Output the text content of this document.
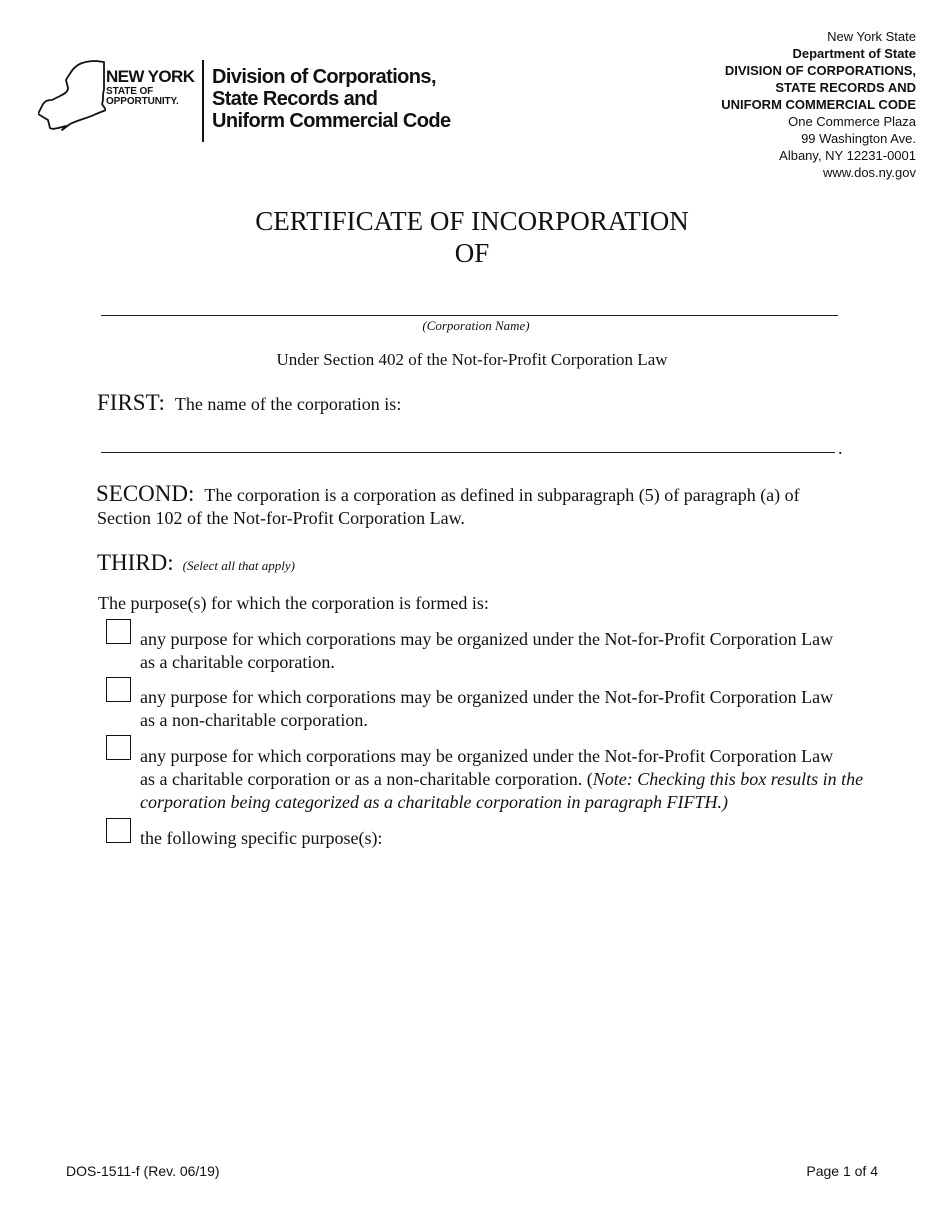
NEW YORK
STATE OF
OPPORTUNITY.
Division of Corporations,
State Records and
Uniform Commercial Code
New York State
Department of State
DIVISION OF CORPORATIONS,
STATE RECORDS AND
UNIFORM COMMERCIAL CODE
One Commerce Plaza
99 Washington Ave.
Albany, NY 12231-0001
www.dos.ny.gov
CERTIFICATE OF INCORPORATION
OF
(Corporation Name)
Under Section 402 of the Not-for-Profit Corporation Law
FIRST: The name of the corporation is:
.
SECOND: The corporation is a corporation as defined in subparagraph (5) of paragraph (a) of
Section 102 of the Not-for-Profit Corporation Law.
THIRD: (Select all that apply)
The purpose(s) for which the corporation is formed is:
any purpose for which corporations may be organized under the Not-for-Profit Corporation Law
as a charitable corporation.
any purpose for which corporations may be organized under the Not-for-Profit Corporation Law
as a non-charitable corporation.
any purpose for which corporations may be organized under the Not-for-Profit Corporation Law
as a charitable corporation or as a non-charitable corporation. (Note: Checking this box results in the
corporation being categorized as a charitable corporation in paragraph FIFTH.)
the following specific purpose(s):
DOS-1511-f (Rev. 06/19)	Page 1 of 4
